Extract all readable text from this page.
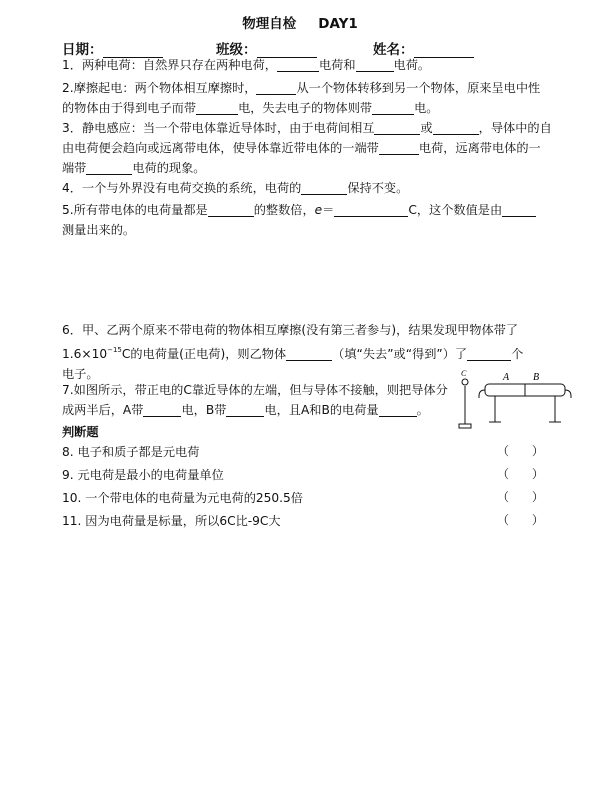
物理自检 DAY1
日期：	班级：	姓名：
1．两种电荷：自然界只存在两种电荷，	电荷和	电荷。
2.摩擦起电：两个物体相互摩擦时，	从一个物体转移到另一个物体，原来呈电中性
的物体由于得到电子而带	电，失去电子的物体则带	电。
3．静电感应：当一个带电体靠近导体时，由于电荷间相互	或	，导体中的自
由电荷便会趋向或远离带电体，使导体靠近带电体的一端带	电荷，远离带电体的一
端带	电荷的现象。
4．一个与外界没有电荷交换的系统，电荷的	保持不变。
5.所有带电体的电荷量都是	的整数倍，e＝	C，这个数值是由
测量出来的。
6．甲、乙两个原来不带电荷的物体相互摩擦(没有第三者参与)，结果发现甲物体带了
$1.6\times 10^{-15}C$的电荷量(正电荷)，则乙物体	（填“失去”或“得到”）了	个
电子。
7.如图所示，带正电的C靠近导体的左端，但与导体不接触，则把导体分
成两半后，A带	电，B带	电，且A和B的电荷量	。
C	A B
判断题
8. 电子和质子都是元电荷	（      ）
9. 元电荷是最小的电荷量单位	（      ）
10. 一个带电体的电荷量为元电荷的250.5倍	（      ）
11. 因为电荷量是标量，所以6C比-9C大	（      ）
